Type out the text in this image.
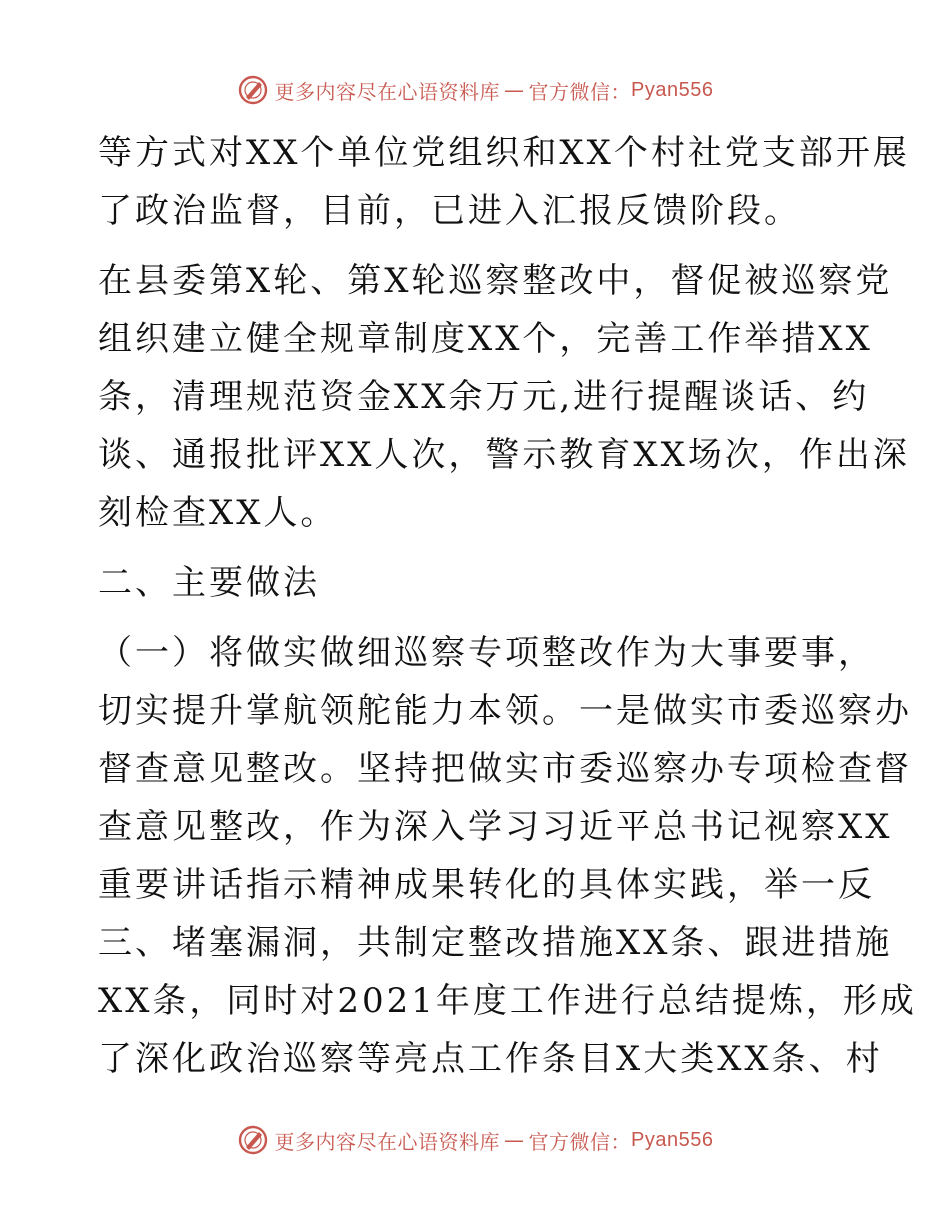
更多内容尽在心语资料库 — 官方微信： Pyan556
等方式对XX个单位党组织和XX个村社党支部开展
了政治监督，目前，已进入汇报反馈阶段。
在县委第X轮、第X轮巡察整改中，督促被巡察党
组织建立健全规章制度XX个，完善工作举措XX
条，清理规范资金XX余万元,进行提醒谈话、约
谈、通报批评XX人次，警示教育XX场次，作出深
刻检查XX人。
二、主要做法
（一）将做实做细巡察专项整改作为大事要事，
切实提升掌航领舵能力本领。一是做实市委巡察办
督查意见整改。坚持把做实市委巡察办专项检查督
查意见整改，作为深入学习习近平总书记视察XX
重要讲话指示精神成果转化的具体实践，举一反
三、堵塞漏洞，共制定整改措施XX条、跟进措施
XX条，同时对2021年度工作进行总结提炼，形成
了深化政治巡察等亮点工作条目X大类XX条、村
更多内容尽在心语资料库 — 官方微信： Pyan556
